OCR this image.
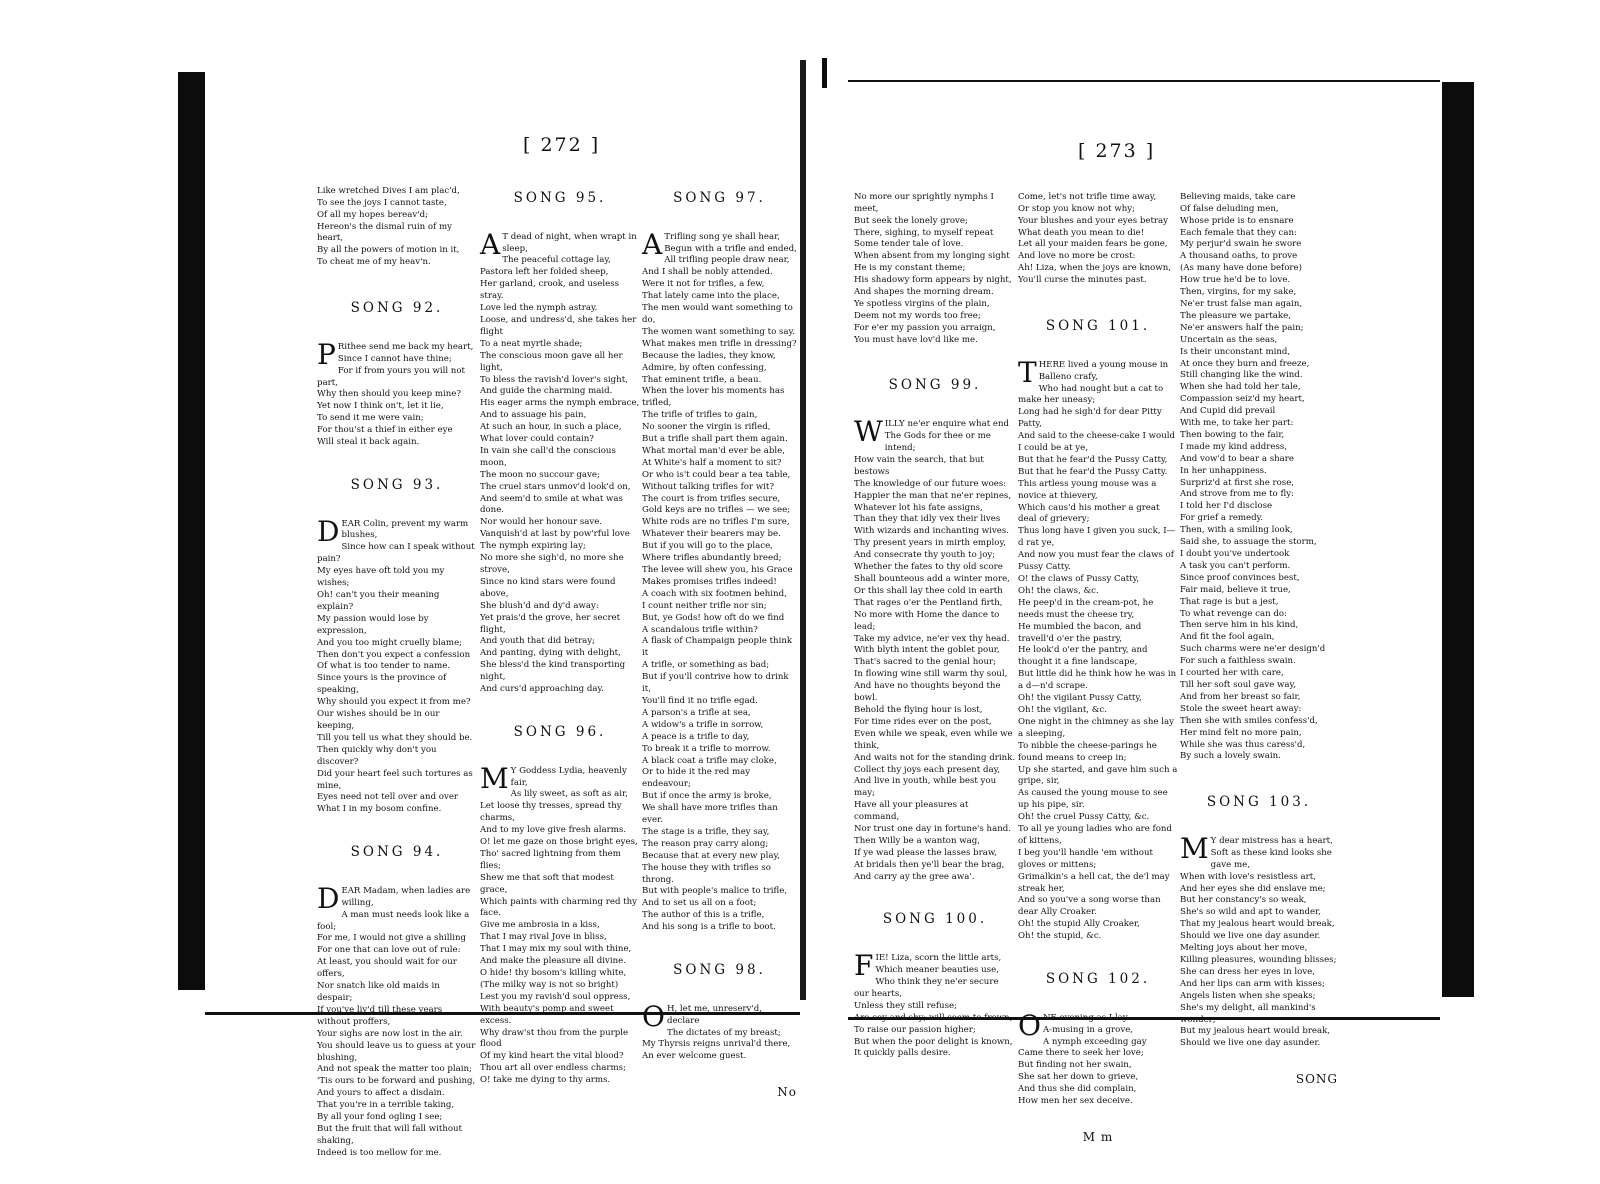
[ 272 ]

Like wretched Dives I am plac'd,
To see the joys I cannot taste,
Of all my hopes bereav'd;
Hereon's the dismal ruin of my heart,
By all the powers of motion in it,
To cheat me of my heav'n.

SONG 92.

P Rithee send me back my heart,
Since I cannot have thine;
For if from yours you will not part,
Why then should you keep mine?
Yet now I think on't, let it lie,
To send it me were vain;
For thou'st a thief in either eye
Will steal it back again.

SONG 93.

D EAR Colin, prevent my warm blushes,
Since how can I speak without pain?
My eyes have oft told you my wishes;
Oh! can't you their meaning explain?
My passion would lose by expression,
And you too might cruelly blame;
Then don't you expect a confession
Of what is too tender to name.
Since yours is the province of speaking,
Why should you expect it from me?
Our wishes should be in our keeping,
Till you tell us what they should be.
Then quickly why don't you discover?
Did your heart feel such tortures as mine,
Eyes need not tell over and over
What I in my bosom confine.

SONG 94.

D EAR Madam, when ladies are willing,
A man must needs look like a fool;
For me, I would not give a shilling
For one that can love out of rule:
At least, you should wait for our offers,
Nor snatch like old maids in despair;
If you've liv'd till these years without proffers,
Your sighs are now lost in the air.
You should leave us to guess at your blushing,
And not speak the matter too plain;
'Tis ours to be forward and pushing,
And yours to affect a disdain.
That you're in a terrible taking,
By all your fond ogling I see;
But the fruit that will fall without shaking,
Indeed is too mellow for me.

SONG 95.

A T dead of night, when wrapt in sleep,
The peaceful cottage lay,
Pastora left her folded sheep,
Her garland, crook, and useless stray.
Love led the nymph astray.
Loose, and undress'd, she takes her flight
To a neat myrtle shade;
The conscious moon gave all her light,
To bless the ravish'd lover's sight,
And guide the charming maid.
His eager arms the nymph embrace,
And to assuage his pain,
At such an hour, in such a place,
What lover could contain?
In vain she call'd the conscious moon,
The moon no succour gave;
The cruel stars unmov'd look'd on,
And seem'd to smile at what was done.
Nor would her honour save.
Vanquish'd at last by pow'rful love
The nymph expiring lay;
No more she sigh'd, no more she strove,
Since no kind stars were found above,
She blush'd and dy'd away:
Yet prais'd the grove, her secret flight,
And youth that did betray;
And panting, dying with delight,
She bless'd the kind transporting night,
And curs'd approaching day.

SONG 96.

M Y Goddess Lydia, heavenly fair,
As lily sweet, as soft as air,
Let loose thy tresses, spread thy charms,
And to my love give fresh alarms.
O! let me gaze on those bright eyes,
Tho' sacred lightning from them flies;
Shew me that soft that modest grace,
Which paints with charming red thy face.
Give me ambrosia in a kiss,
That I may rival Jove in bliss,
That I may mix my soul with thine,
And make the pleasure all divine.
O hide! thy bosom's killing white,
(The milky way is not so bright)
Lest you my ravish'd soul oppress,
With beauty's pomp and sweet excess.
Why draw'st thou from the purple flood
Of my kind heart the vital blood?
Thou art all over endless charms;
O! take me dying to thy arms.

SONG 97.

A Trifling song ye shall hear,
Begun with a trifle and ended,
All trifling people draw near,
And I shall be nobly attended.
Were it not for trifles, a few,
That lately came into the place,
The men would want something to do,
The women want something to say.
What makes men trifle in dressing?
Because the ladies, they know,
Admire, by often confessing,
That eminent trifle, a beau.
When the lover his moments has trifled,
The trifle of trifles to gain,
No sooner the virgin is rifled,
But a trifle shall part them again.
What mortal man'd ever be able,
At White's half a moment to sit?
Or who is't could bear a tea table,
Without talking trifles for wit?
The court is from trifles secure,
Gold keys are no trifles — we see;
White rods are no trifles I'm sure,
Whatever their bearers may be.
But if you will go to the place,
Where trifles abundantly breed;
The levee will shew you, his Grace
Makes promises trifles indeed!
A coach with six footmen behind,
I count neither trifle nor sin;
But, ye Gods! how oft do we find
A scandalous trifle within?
A flask of Champaign people think it
A trifle, or something as bad;
But if you'll contrive how to drink it,
You'll find it no trifle egad.
A parson's a trifle at sea,
A widow's a trifle in sorrow,
A peace is a trifle to day,
To break it a trifle to morrow.
A black coat a trifle may cloke,
Or to hide it the red may endeavour;
But if once the army is broke,
We shall have more trifles than ever.
The stage is a trifle, they say,
The reason pray carry along;
Because that at every new play,
The house they with trifles so throng.
But with people's malice to trifle,
And to set us all on a foot;
The author of this is a trifle,
And his song is a trifle to boot.

SONG 98.

O H, let me, unreserv'd, declare
The dictates of my breast;
My Thyrsis reigns unrival'd there,
An ever welcome guest.

No

[ 273 ]

No more our sprightly nymphs I meet,
But seek the lonely grove;
There, sighing, to myself repeat
Some tender tale of love.
When absent from my longing sight
He is my constant theme;
His shadowy form appears by night,
And shapes the morning dream.
Ye spotless virgins of the plain,
Deem not my words too free;
For e'er my passion you arraign,
You must have lov'd like me.

SONG 99.

W ILLY ne'er enquire what end
The Gods for thee or me intend;
How vain the search, that but bestows
The knowledge of our future woes:
Happier the man that ne'er repines,
Whatever lot his fate assigns,
Than they that idly vex their lives
With wizards and inchanting wives.
Thy present years in mirth employ,
And consecrate thy youth to joy;
Whether the fates to thy old score
Shall bounteous add a winter more,
Or this shall lay thee cold in earth
That rages o'er the Pentland firth,
No more with Home the dance to lead;
Take my advice, ne'er vex thy head.
With blyth intent the goblet pour,
That's sacred to the genial hour;
In flowing wine still warm thy soul,
And have no thoughts beyond the bowl.
Behold the flying hour is lost,
For time rides ever on the post,
Even while we speak, even while we think,
And waits not for the standing drink.
Collect thy joys each present day,
And live in youth, while best you may;
Have all your pleasures at command,
Nor trust one day in fortune's hand.
Then Willy be a wanton wag,
If ye wad please the lasses braw,
At bridals then ye'll bear the brag,
And carry ay the gree awa'.

SONG 100.

F IE! Liza, scorn the little arts,
Which meaner beauties use,
Who think they ne'er secure our hearts,
Unless they still refuse;
Are coy and shy; will seem to frown,
To raise our passion higher;
But when the poor delight is known,
It quickly palls desire.

Come, let's not trifle time away,
Or stop you know not why;
Your blushes and your eyes betray
What death you mean to die!
Let all your maiden fears be gone,
And love no more be crost:
Ah! Liza, when the joys are known,
You'll curse the minutes past.

SONG 101.

T HERE lived a young mouse in Balleno crafy,
Who had nought but a cat to make her uneasy;
Long had he sigh'd for dear Pitty Patty,
And said to the cheese-cake I would I could be at ye,
But that he fear'd the Pussy Catty,
But that he fear'd the Pussy Catty.
This artless young mouse was a novice at thievery,
Which caus'd his mother a great deal of grievery;
Thus long have I given you suck, I—d rat ye,
And now you must fear the claws of Pussy Catty.
O! the claws of Pussy Catty,
Oh! the claws, &c.
He peep'd in the cream-pot, he needs must the cheese try,
He mumbled the bacon, and travell'd o'er the pastry,
He look'd o'er the pantry, and thought it a fine landscape,
But little did he think how he was in a d—n'd scrape.
Oh! the vigilant Pussy Catty,
Oh! the vigilant, &c.
One night in the chimney as she lay a sleeping,
To nibble the cheese-parings he found means to creep in;
Up she started, and gave him such a gripe, sir,
As caused the young mouse to see up his pipe, sir.
Oh! the cruel Pussy Catty, &c.
To all ye young ladies who are fond of kittens,
I beg you'll handle 'em without gloves or mittens;
Grimalkin's a hell cat, the de'l may streak her,
And so you've a song worse than dear Ally Croaker.
Oh! the stupid Ally Croaker,
Oh! the stupid, &c.

SONG 102.

O NE evening as I lay
A-musing in a grove,
A nymph exceeding gay
Came there to seek her love;
But finding not her swain,
She sat her down to grieve,
And thus she did complain,
How men her sex deceive.

M m

Believing maids, take care
Of false deluding men,
Whose pride is to ensnare
Each female that they can:
My perjur'd swain he swore
A thousand oaths, to prove
(As many have done before)
How true he'd be to love.
Then, virgins, for my sake,
Ne'er trust false man again,
The pleasure we partake,
Ne'er answers half the pain;
Uncertain as the seas,
Is their unconstant mind,
At once they burn and freeze,
Still changing like the wind.
When she had told her tale,
Compassion seiz'd my heart,
And Cupid did prevail
With me, to take her part:
Then bowing to the fair,
I made my kind address,
And vow'd to bear a share
In her unhappiness.
Surpriz'd at first she rose,
And strove from me to fly:
I told her I'd disclose
For grief a remedy.
Then, with a smiling look,
Said she, to assuage the storm,
I doubt you've undertook
A task you can't perform.
Since proof convinces best,
Fair maid, believe it true,
That rage is but a jest,
To what revenge can do:
Then serve him in his kind,
And fit the fool again,
Such charms were ne'er design'd
For such a faithless swain.
I courted her with care,
Till her soft soul gave way,
And from her breast so fair,
Stole the sweet heart away:
Then she with smiles confess'd,
Her mind felt no more pain,
While she was thus caress'd,
By such a lovely swain.

SONG 103.

M Y dear mistress has a heart,
Soft as these kind looks she gave me,
When with love's resistless art,
And her eyes she did enslave me;
But her constancy's so weak,
She's so wild and apt to wander,
That my jealous heart would break,
Should we live one day asunder.
Melting joys about her move,
Killing pleasures, wounding blisses;
She can dress her eyes in love,
And her lips can arm with kisses;
Angels listen when she speaks;
She's my delight, all mankind's wonder;
But my jealous heart would break,
Should we live one day asunder.

SONG
